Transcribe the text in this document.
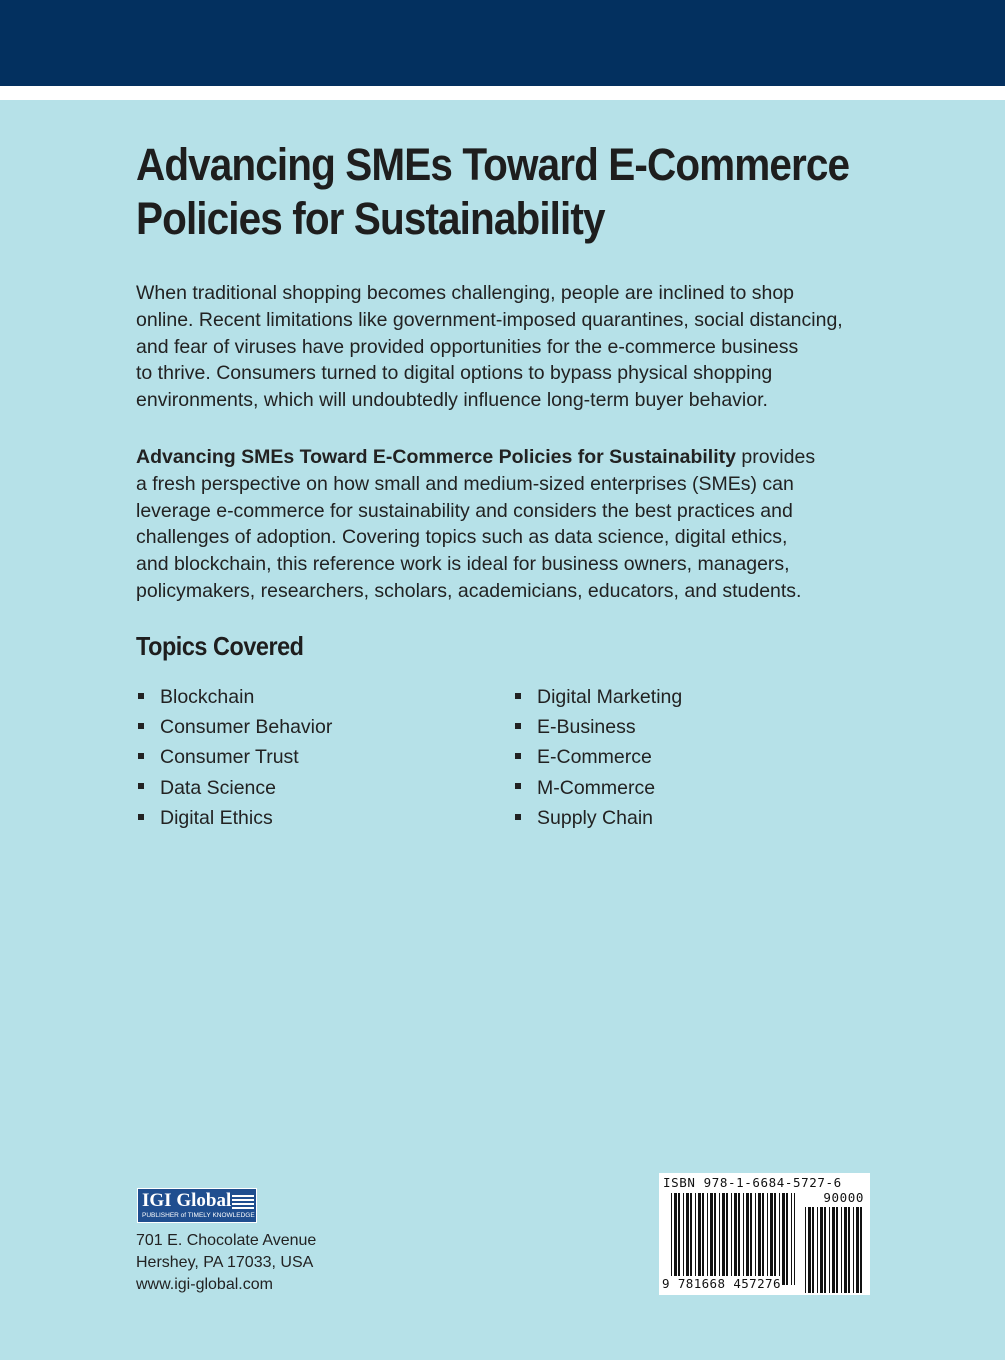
Advancing SMEs Toward E-Commerce
Policies for Sustainability

When traditional shopping becomes challenging, people are inclined to shop
online. Recent limitations like government-imposed quarantines, social distancing,
and fear of viruses have provided opportunities for the e-commerce business
to thrive. Consumers turned to digital options to bypass physical shopping
environments, which will undoubtedly influence long-term buyer behavior.

Advancing SMEs Toward E-Commerce Policies for Sustainability provides
a fresh perspective on how small and medium-sized enterprises (SMEs) can
leverage e-commerce for sustainability and considers the best practices and
challenges of adoption. Covering topics such as data science, digital ethics,
and blockchain, this reference work is ideal for business owners, managers,
policymakers, researchers, scholars, academicians, educators, and students.

Topics Covered
Blockchain
Consumer Behavior
Consumer Trust
Data Science
Digital Ethics
Digital Marketing
E-Business
E-Commerce
M-Commerce
Supply Chain
IGI Global
PUBLISHER of TIMELY KNOWLEDGE

701 E. Chocolate Avenue
Hershey, PA 17033, USA
www.igi-global.com

ISBN 978-1-6684-5727-6
90000
9 781668 457276
